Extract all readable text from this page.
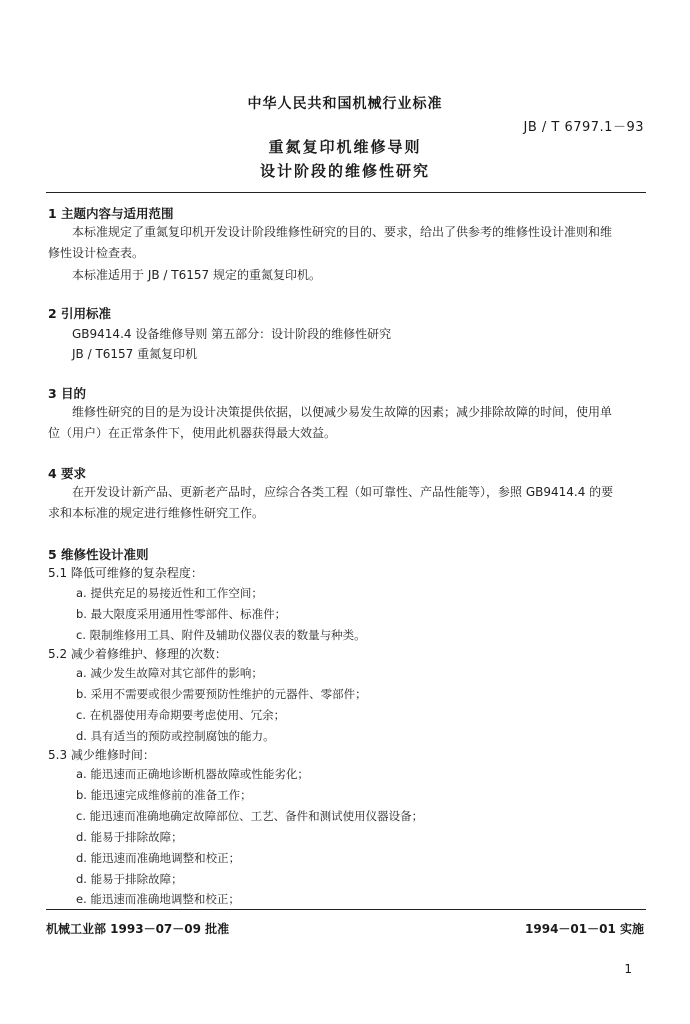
中华人民共和国机械行业标准
JB / T 6797.1－93
重氮复印机维修导则
设计阶段的维修性研究
1 主题内容与适用范围
本标准规定了重氮复印机开发设计阶段维修性研究的目的、要求，给出了供参考的维修性设计准则和维修性设计检查表。
本标准适用于 JB / T6157 规定的重氮复印机。
2 引用标准
GB9414.4 设备维修导则 第五部分：设计阶段的维修性研究
JB / T6157 重氮复印机
3 目的
维修性研究的目的是为设计决策提供依据，以便减少易发生故障的因素；减少排除故障的时间，使用单位（用户）在正常条件下，使用此机器获得最大效益。
4 要求
在开发设计新产品、更新老产品时，应综合各类工程（如可靠性、产品性能等），参照 GB9414.4 的要求和本标准的规定进行维修性研究工作。
5 维修性设计准则
5.1 降低可维修的复杂程度：
a. 提供充足的易接近性和工作空间；
b. 最大限度采用通用性零部件、标准件；
c. 限制维修用工具、附件及辅助仪器仪表的数量与种类。
5.2 减少着修维护、修理的次数：
a. 减少发生故障对其它部件的影响；
b. 采用不需要或很少需要预防性维护的元器件、零部件；
c. 在机器使用寿命期要考虑使用、冗余；
d. 具有适当的预防或控制腐蚀的能力。
5.3 减少维修时间：
a. 能迅速而正确地诊断机器故障或性能劣化；
b. 能迅速完成维修前的准备工作；
c. 能迅速而准确地确定故障部位、工艺、备件和测试使用仪器设备；
d. 能易于排除故障；
d. 能迅速而准确地调整和校正；
d. 能易于排除故障；
e. 能迅速而准确地调整和校正；
机械工业部 1993－07－09 批准	1994－01－01 实施
1
